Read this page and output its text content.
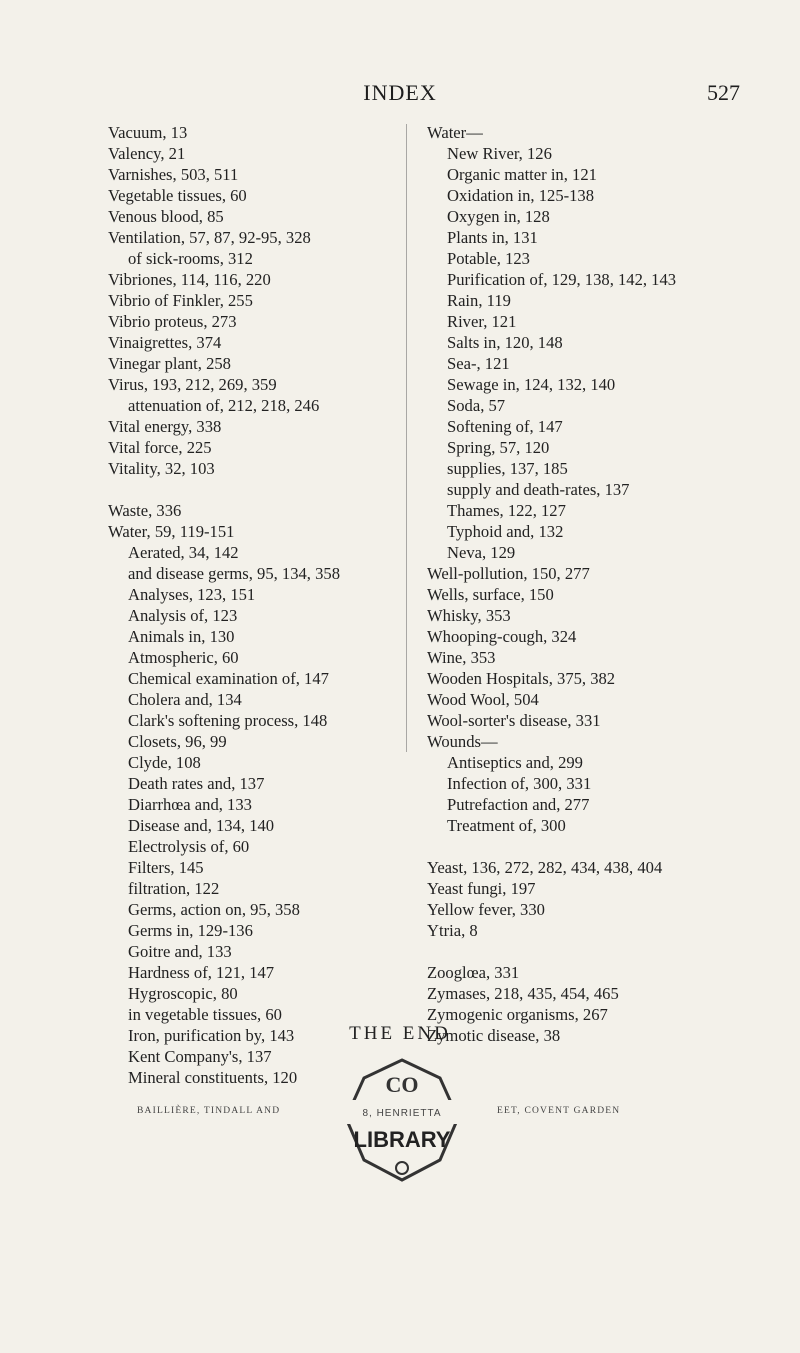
INDEX	527
Vacuum, 13
Valency, 21
Varnishes, 503, 511
Vegetable tissues, 60
Venous blood, 85
Ventilation, 57, 87, 92-95, 328
of sick-rooms, 312
Vibriones, 114, 116, 220
Vibrio of Finkler, 255
Vibrio proteus, 273
Vinaigrettes, 374
Vinegar plant, 258
Virus, 193, 212, 269, 359
attenuation of, 212, 218, 246
Vital energy, 338
Vital force, 225
Vitality, 32, 103
Waste, 336
Water, 59, 119-151
Aerated, 34, 142
and disease germs, 95, 134, 358
Analyses, 123, 151
Analysis of, 123
Animals in, 130
Atmospheric, 60
Chemical examination of, 147
Cholera and, 134
Clark's softening process, 148
Closets, 96, 99
Clyde, 108
Death rates and, 137
Diarrhœa and, 133
Disease and, 134, 140
Electrolysis of, 60
Filters, 145
filtration, 122
Germs, action on, 95, 358
Germs in, 129-136
Goitre and, 133
Hardness of, 121, 147
Hygroscopic, 80
in vegetable tissues, 60
Iron, purification by, 143
Kent Company's, 137
Mineral constituents, 120
Water—
New River, 126
Organic matter in, 121
Oxidation in, 125-138
Oxygen in, 128
Plants in, 131
Potable, 123
Purification of, 129, 138, 142, 143
Rain, 119
River, 121
Salts in, 120, 148
Sea-, 121
Sewage in, 124, 132, 140
Soda, 57
Softening of, 147
Spring, 57, 120
supplies, 137, 185
supply and death-rates, 137
Thames, 122, 127
Typhoid and, 132
Neva, 129
Well-pollution, 150, 277
Wells, surface, 150
Whisky, 353
Whooping-cough, 324
Wine, 353
Wooden Hospitals, 375, 382
Wood Wool, 504
Wool-sorter's disease, 331
Wounds—
Antiseptics and, 299
Infection of, 300, 331
Putrefaction and, 277
Treatment of, 300
Yeast, 136, 272, 282, 434, 438, 404
Yeast fungi, 197
Yellow fever, 330
Ytria, 8
Zooglœa, 331
Zymases, 218, 435, 454, 465
Zymogenic organisms, 267
Zymotic disease, 38
THE END
BAILLIÈRE, TINDALL AND	EET, COVENT GARDEN
CO
8, HENRIETTA
LIBRARY
